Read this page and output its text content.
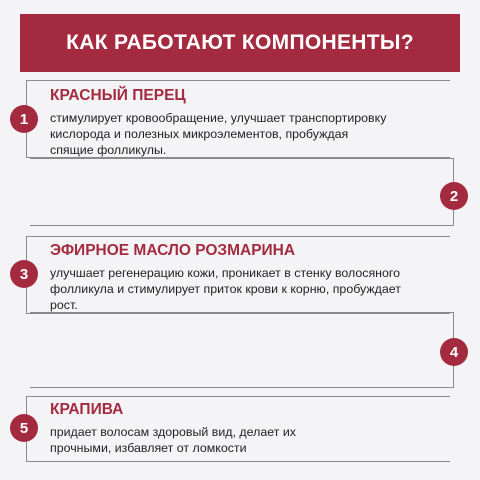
КАК РАБОТАЮТ КОМПОНЕНТЫ?
1
КРАСНЫЙ ПЕРЕЦ
стимулирует кровообращение, улучшает транспортировку
кислорода и полезных микроэлементов, пробуждая
спящие фолликулы.
2
3
ЭФИРНОЕ МАСЛО РОЗМАРИНА
улучшает регенерацию кожи, проникает в стенку волосяного
фолликула и стимулирует приток крови к корню, пробуждает
рост.
4
5
КРАПИВА
придает волосам здоровый вид, делает их
прочными, избавляет от ломкости
